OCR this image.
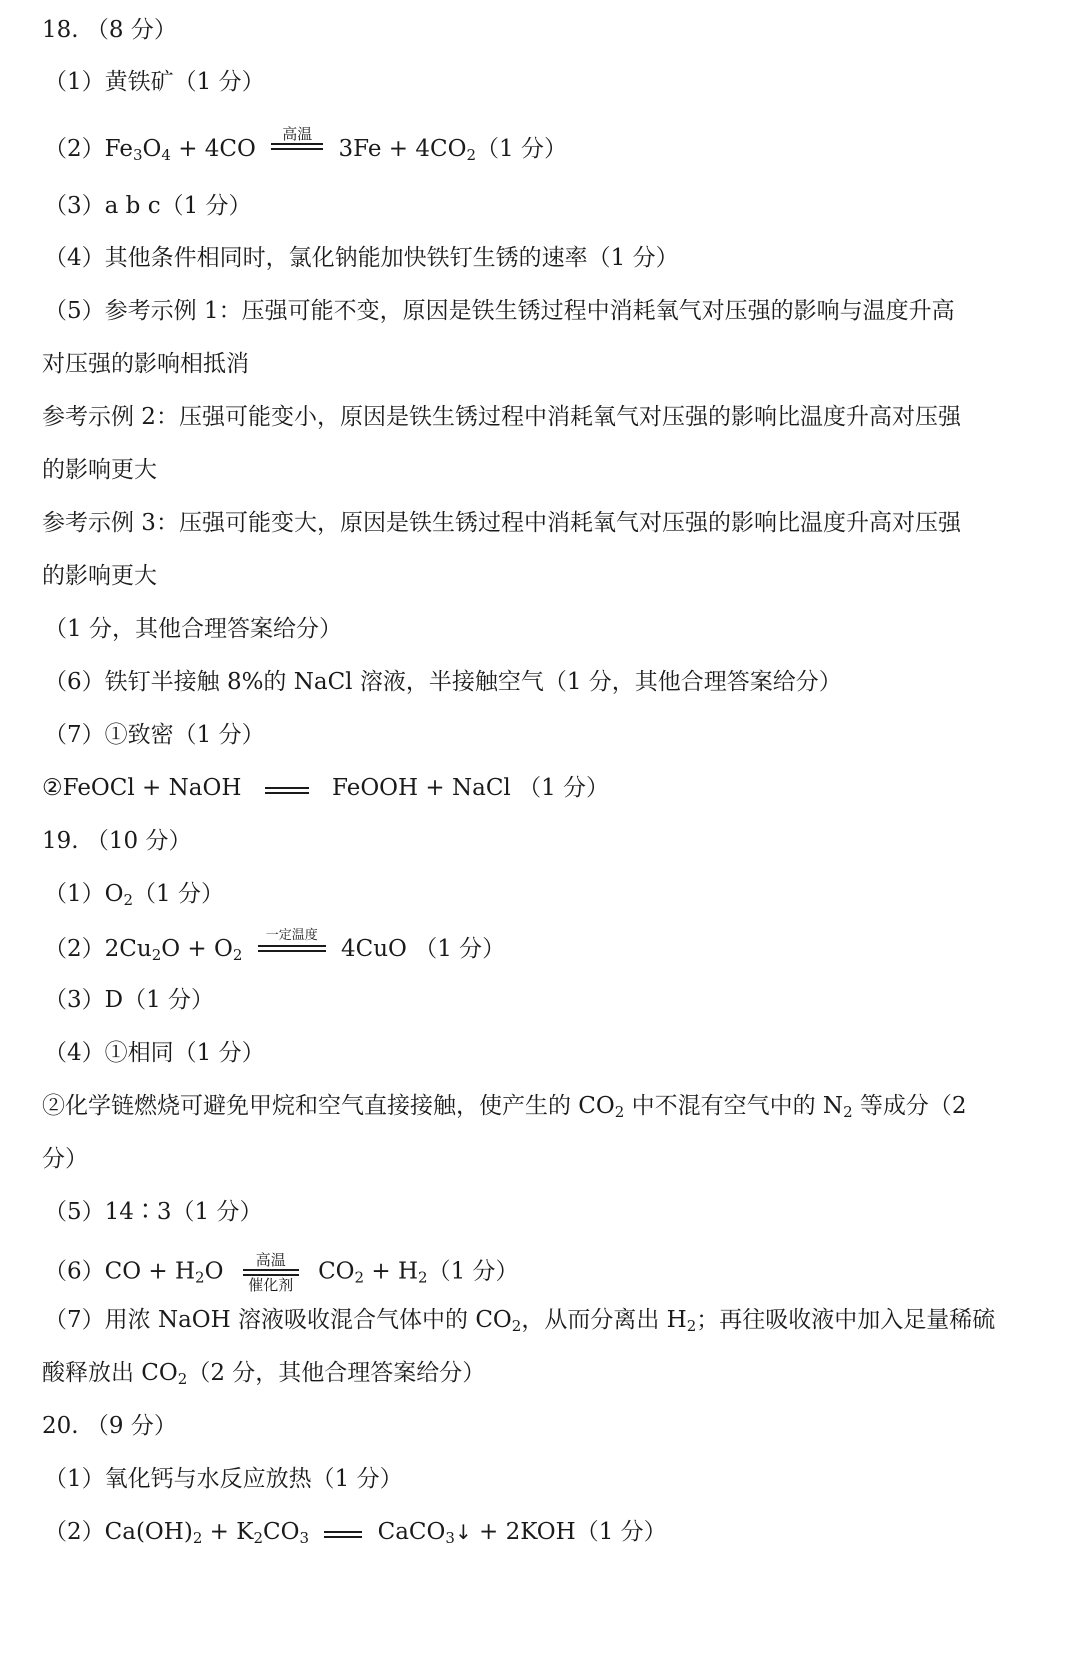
18. （8 分）
（1）黄铁矿（1 分）
$(2)Fe_3O_4 + 4CO$
高温
$3Fe + 4CO_2(1$ 分）
（3）a b c（1 分）
（4）其他条件相同时，氯化钠能加快铁钉生锈的速率（1 分）
（5）参考示例 1：压强可能不变，原因是铁生锈过程中消耗氧气对压强的影响与温度升高
对压强的影响相抵消
参考示例 2：压强可能变小，原因是铁生锈过程中消耗氧气对压强的影响比温度升高对压强
的影响更大
参考示例 3：压强可能变大，原因是铁生锈过程中消耗氧气对压强的影响比温度升高对压强
的影响更大
（1 分，其他合理答案给分）
（6）铁钉半接触 8%的 NaCl 溶液，半接触空气（1 分，其他合理答案给分）
（7）①致密（1 分）
②FeOCl + NaOH	FeOOH + NaCl （1 分）
19. （10 分）
$(1)O_2(1$ 分）
$(2)2Cu_2O + O_2$
一定温度
4CuO （1 分）
（3）D（1 分）
（4）①相同（1 分）
②化学链燃烧可避免甲烷和空气直接接触，使产生的 $CO_2$ 中不混有空气中的 $N_2$ 等成分（2
分）
（5）14∶3（1 分）
$(6)CO + H_2O$	高温
催化剂
$CO_2 + H_2(1$ 分）
（7）用浓 NaOH 溶液吸收混合气体中的 $CO_2$，从而分离出 $H_2$；再往吸收液中加入足量稀硫
酸释放出 $CO_2(2$ 分，其他合理答案给分）
20. （9 分）
（1）氧化钙与水反应放热（1 分）
$(2)Ca(OH)_2 + K_2CO_3$	CaCO$_3$↓ + 2KOH（1 分）
